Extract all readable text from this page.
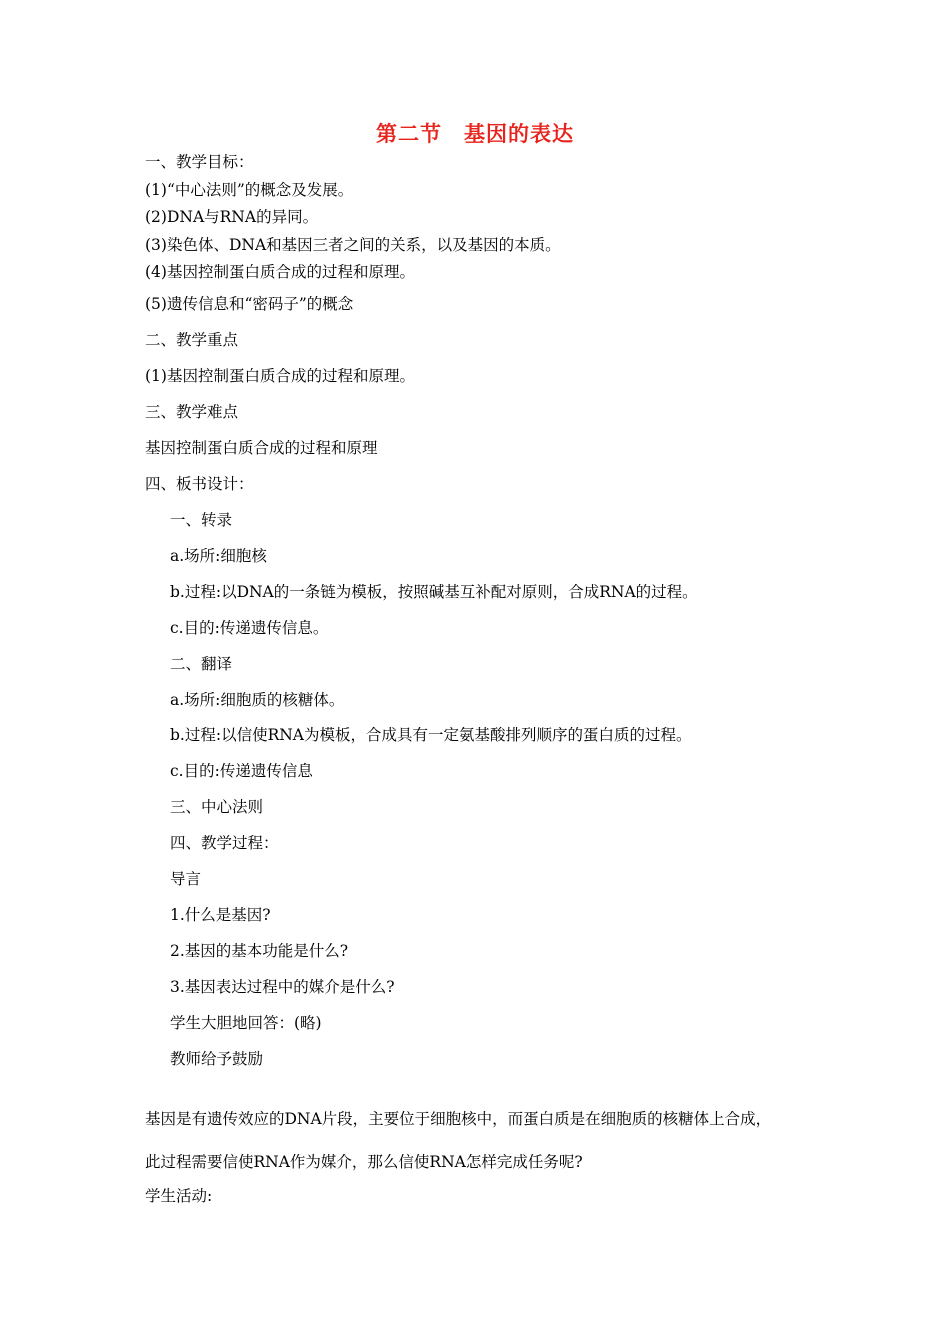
第二节　基因的表达
一、教学目标：
(1)“中心法则”的概念及发展。
(2)DNA与RNA的异同。
(3)染色体、DNA和基因三者之间的关系，以及基因的本质。
(4)基因控制蛋白质合成的过程和原理。
(5)遗传信息和“密码子”的概念
二、教学重点
(1)基因控制蛋白质合成的过程和原理。
三、教学难点
基因控制蛋白质合成的过程和原理
四、板书设计：
一、转录
a.场所:细胞核
b.过程:以DNA的一条链为模板，按照碱基互补配对原则，合成RNA的过程。
c.目的:传递遗传信息。
二、翻译
a.场所:细胞质的核糖体。
b.过程:以信使RNA为模板，合成具有一定氨基酸排列顺序的蛋白质的过程。
c.目的:传递遗传信息
三、中心法则
四、教学过程：
导言
1.什么是基因?
2.基因的基本功能是什么?
3.基因表达过程中的媒介是什么?
学生大胆地回答：(略)
教师给予鼓励
基因是有遗传效应的DNA片段，主要位于细胞核中，而蛋白质是在细胞质的核糖体上合成，
此过程需要信使RNA作为媒介，那么信使RNA怎样完成任务呢?
学生活动:
